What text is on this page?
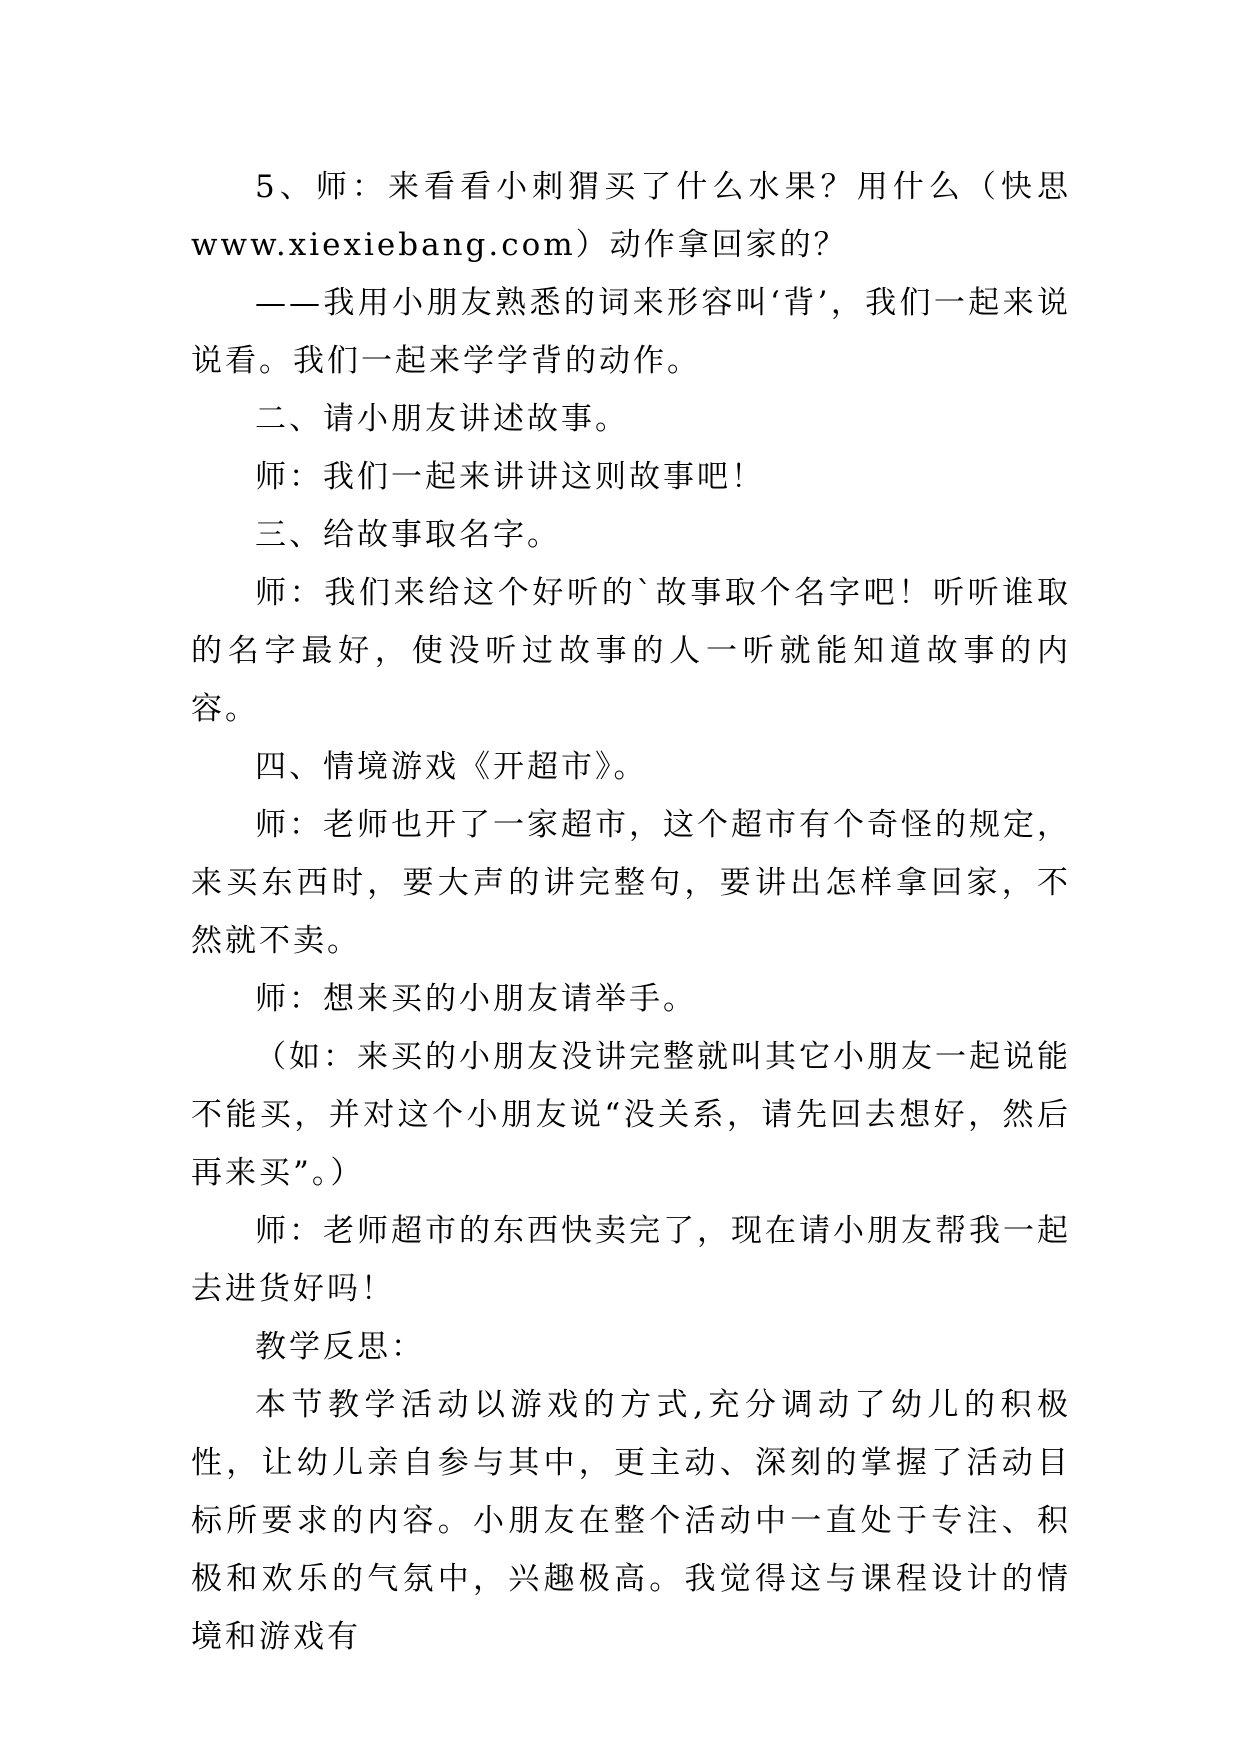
5、师：来看看小刺猬买了什么水果？用什么（快思 www.xiexiebang.com）动作拿回家的？

——我用小朋友熟悉的词来形容叫‘背’，我们一起来说说看。我们一起来学学背的动作。

二、请小朋友讲述故事。

师：我们一起来讲讲这则故事吧！

三、给故事取名字。

师：我们来给这个好听的`故事取个名字吧！听听谁取的名字最好，使没听过故事的人一听就能知道故事的内容。

四、情境游戏《开超市》。

师：老师也开了一家超市，这个超市有个奇怪的规定，来买东西时，要大声的讲完整句，要讲出怎样拿回家，不然就不卖。

师：想来买的小朋友请举手。

（如：来买的小朋友没讲完整就叫其它小朋友一起说能不能买，并对这个小朋友说“没关系，请先回去想好，然后再来买”。）

师：老师超市的东西快卖完了，现在请小朋友帮我一起去进货好吗！

教学反思：

本节教学活动以游戏的方式,充分调动了幼儿的积极性，让幼儿亲自参与其中，更主动、深刻的掌握了活动目标所要求的内容。小朋友在整个活动中一直处于专注、积极和欢乐的气氛中，兴趣极高。我觉得这与课程设计的情境和游戏有
